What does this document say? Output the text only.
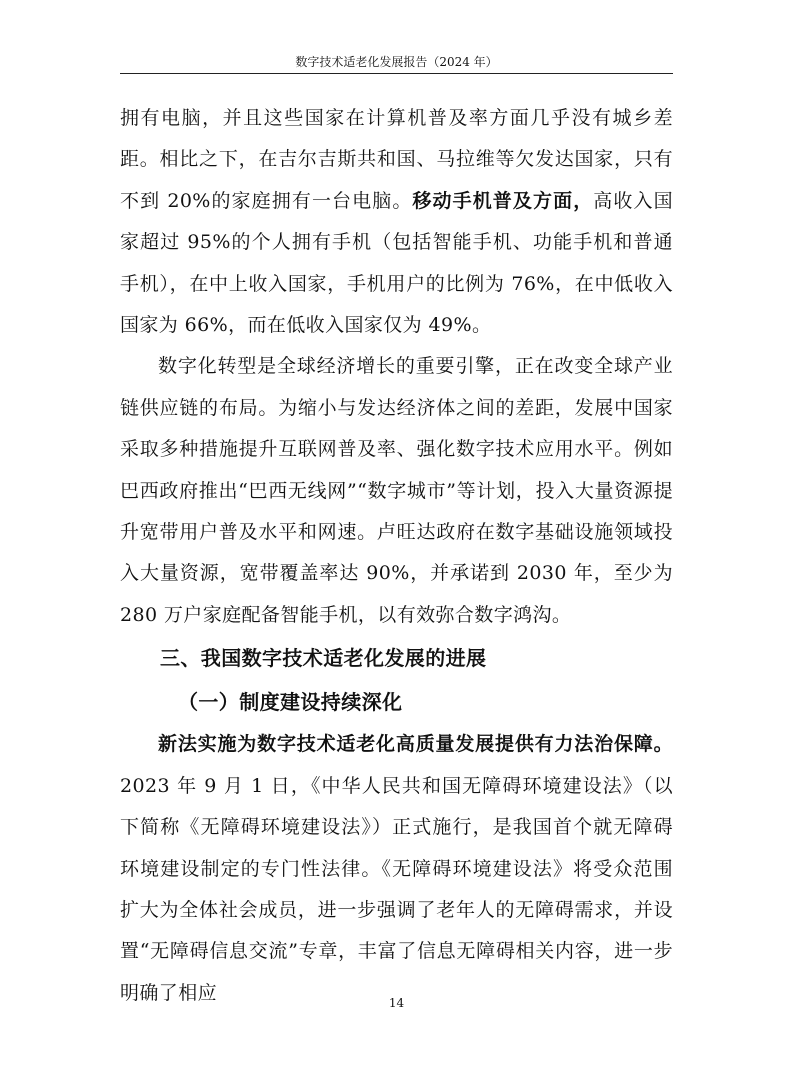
数字技术适老化发展报告（2024 年）

拥有电脑，并且这些国家在计算机普及率方面几乎没有城乡差距。相比之下，在吉尔吉斯共和国、马拉维等欠发达国家，只有不到 20%的家庭拥有一台电脑。移动手机普及方面，高收入国家超过 95%的个人拥有手机（包括智能手机、功能手机和普通手机），在中上收入国家，手机用户的比例为 76%，在中低收入国家为 66%，而在低收入国家仅为 49%。

数字化转型是全球经济增长的重要引擎，正在改变全球产业链供应链的布局。为缩小与发达经济体之间的差距，发展中国家采取多种措施提升互联网普及率、强化数字技术应用水平。例如巴西政府推出“巴西无线网”“数字城市”等计划，投入大量资源提升宽带用户普及水平和网速。卢旺达政府在数字基础设施领域投入大量资源，宽带覆盖率达 90%，并承诺到 2030 年，至少为 280 万户家庭配备智能手机，以有效弥合数字鸿沟。

三、我国数字技术适老化发展的进展

（一）制度建设持续深化

新法实施为数字技术适老化高质量发展提供有力法治保障。2023 年 9 月 1 日，《中华人民共和国无障碍环境建设法》（以下简称《无障碍环境建设法》）正式施行，是我国首个就无障碍环境建设制定的专门性法律。《无障碍环境建设法》将受众范围扩大为全体社会成员，进一步强调了老年人的无障碍需求，并设置“无障碍信息交流”专章，丰富了信息无障碍相关内容，进一步明确了相应	14
